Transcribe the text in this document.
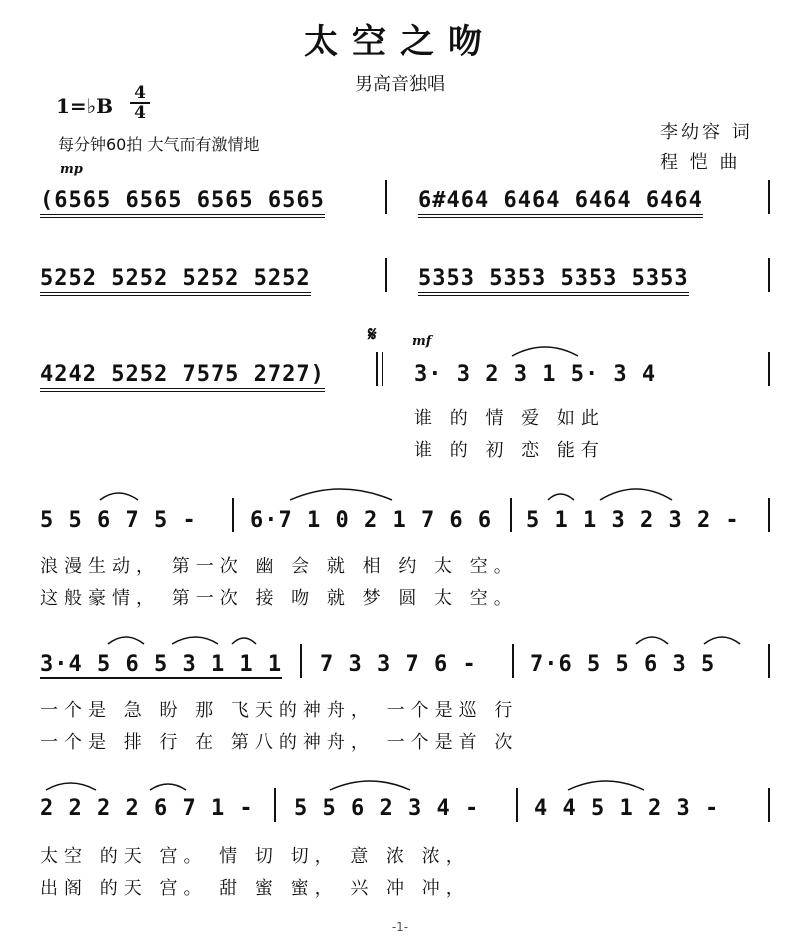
太空之吻
男高音独唱
1=♭B
4
4
每分钟60拍 大气而有激情地
李幼容 词
程 恺 曲
mp
(6565 6565 6565 6565	6#464 6464 6464 6464
5252 5252 5252 5252	5353 5353 5353 5353
𝄋	mf
4242 5252 7575 2727)	3· 3 2 3 1 5· 3 4
谁 的 情 爱 如此
谁 的 初 恋 能有
5 5 6 7 5 - 6·7 1 0 2 1 7 6 6 5 1 1 3 2 3 2 -
浪漫生动， 第一次 幽 会 就 相 约 太 空。
这般豪情， 第一次 接 吻 就 梦 圆 太 空。
3·4 5 6 5 3 1 1 1 7 3 3 7 6 - 7·6 5 5 6 3 5
一个是 急 盼 那 飞天的神舟， 一个是巡 行
一个是 排 行 在 第八的神舟， 一个是首 次
2 2 2 2 6 7 1 - 5 5 6 2 3 4 - 4 4 5 1 2 3 -
太空 的天 宫。 情 切 切， 意 浓 浓，
出阁 的天 宫。 甜 蜜 蜜， 兴 冲 冲，
-1-
